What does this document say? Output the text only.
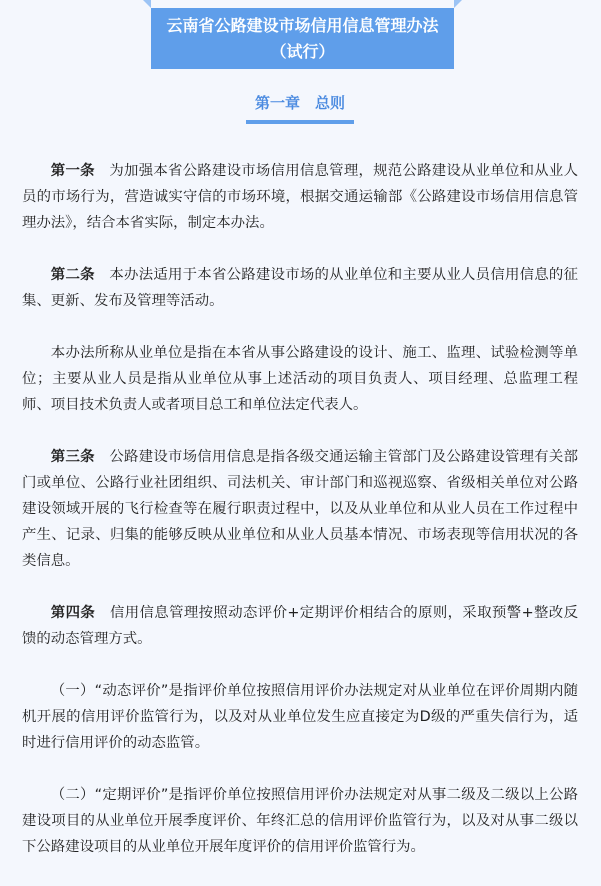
云南省公路建设市场信用信息管理办法
（试行）
第一章　总则

第一条　为加强本省公路建设市场信用信息管理，规范公路建设从业单位和从业人员的市场行为，营造诚实守信的市场环境，根据交通运输部《公路建设市场信用信息管理办法》，结合本省实际，制定本办法。

第二条　本办法适用于本省公路建设市场的从业单位和主要从业人员信用信息的征集、更新、发布及管理等活动。

本办法所称从业单位是指在本省从事公路建设的设计、施工、监理、试验检测等单位；主要从业人员是指从业单位从事上述活动的项目负责人、项目经理、总监理工程师、项目技术负责人或者项目总工和单位法定代表人。

第三条　公路建设市场信用信息是指各级交通运输主管部门及公路建设管理有关部门或单位、公路行业社团组织、司法机关、审计部门和巡视巡察、省级相关单位对公路建设领域开展的飞行检查等在履行职责过程中，以及从业单位和从业人员在工作过程中产生、记录、归集的能够反映从业单位和从业人员基本情况、市场表现等信用状况的各类信息。

第四条　信用信息管理按照动态评价+定期评价相结合的原则，采取预警+整改反馈的动态管理方式。

（一）“动态评价”是指评价单位按照信用评价办法规定对从业单位在评价周期内随机开展的信用评价监管行为，以及对从业单位发生应直接定为D级的严重失信行为，适时进行信用评价的动态监管。

（二）“定期评价”是指评价单位按照信用评价办法规定对从事二级及二级以上公路建设项目的从业单位开展季度评价、年终汇总的信用评价监管行为，以及对从事二级以下公路建设项目的从业单位开展年度评价的信用评价监管行为。
